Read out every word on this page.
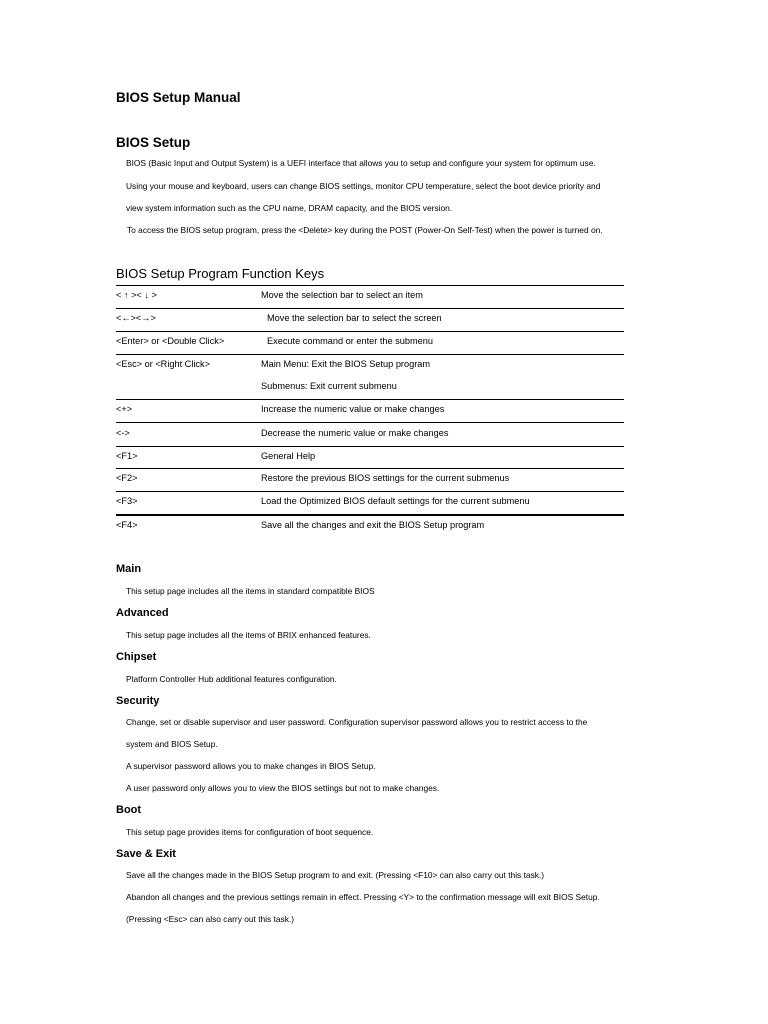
BIOS Setup Manual
BIOS Setup
BIOS (Basic Input and Output System) is a UEFI interface that allows you to setup and configure your system for optimum use.
Using your mouse and keyboard, users can change BIOS settings, monitor CPU temperature, select the boot device priority and
view system information such as the CPU name, DRAM capacity, and the BIOS version.
To access the BIOS setup program, press the <Delete> key during the POST (Power-On Self-Test) when the power is turned on.
BIOS Setup Program Function Keys
< ↑ >< ↓ >	Move the selection bar to select an item
<←><→>	Move the selection bar to select the screen
<Enter> or <Double Click>	Execute command or enter the submenu
<Esc> or <Right Click>	Main Menu: Exit the BIOS Setup program
Submenus: Exit current submenu
<+>	Increase the numeric value or make changes
<->	Decrease the numeric value or make changes
<F1>	General Help
<F2>	Restore the previous BIOS settings for the current submenus
<F3>	Load the Optimized BIOS default settings for the current submenu
<F4>	Save all the changes and exit the BIOS Setup program
Main
This setup page includes all the items in standard compatible BIOS
Advanced
This setup page includes all the items of BRIX enhanced features.
Chipset
Platform Controller Hub additional features configuration.
Security
Change, set or disable supervisor and user password. Configuration supervisor password allows you to restrict access to the
system and BIOS Setup.
A supervisor password allows you to make changes in BIOS Setup.
A user password only allows you to view the BIOS settings but not to make changes.
Boot
This setup page provides items for configuration of boot sequence.
Save & Exit
Save all the changes made in the BIOS Setup program to and exit. (Pressing <F10> can also carry out this task.)
Abandon all changes and the previous settings remain in effect. Pressing <Y> to the confirmation message will exit BIOS Setup.
(Pressing <Esc> can also carry out this task.)
